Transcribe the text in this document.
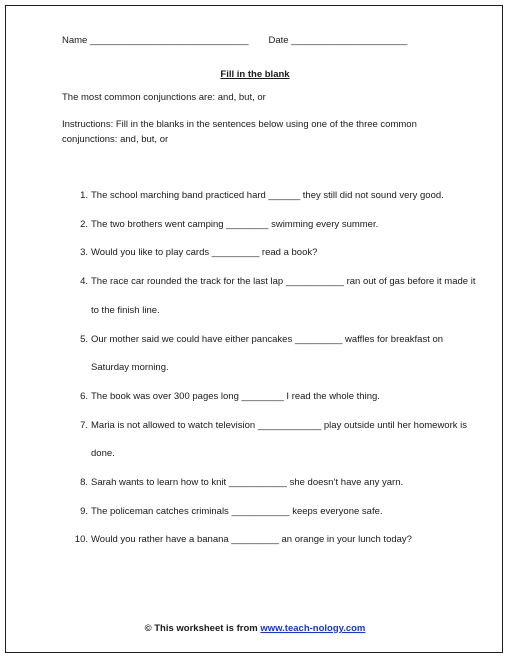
Name ______________________________ Date ______________________
Fill in the blank
The most common conjunctions are: and, but, or
Instructions: Fill in the blanks in the sentences below using one of the three common conjunctions: and, but, or
1. The school marching band practiced hard ______ they still did not sound very good.
2. The two brothers went camping ________ swimming every summer.
3. Would you like to play cards _________ read a book?
4. The race car rounded the track for the last lap ___________ ran out of gas before it made it to the finish line.
5. Our mother said we could have either pancakes _________ waffles for breakfast on Saturday morning.
6. The book was over 300 pages long ________ I read the whole thing.
7. Maria is not allowed to watch television ____________ play outside until her homework is done.
8. Sarah wants to learn how to knit ___________ she doesn’t have any yarn.
9. The policeman catches criminals ___________ keeps everyone safe.
10. Would you rather have a banana _________ an orange in your lunch today?
© This worksheet is from www.teach-nology.com
